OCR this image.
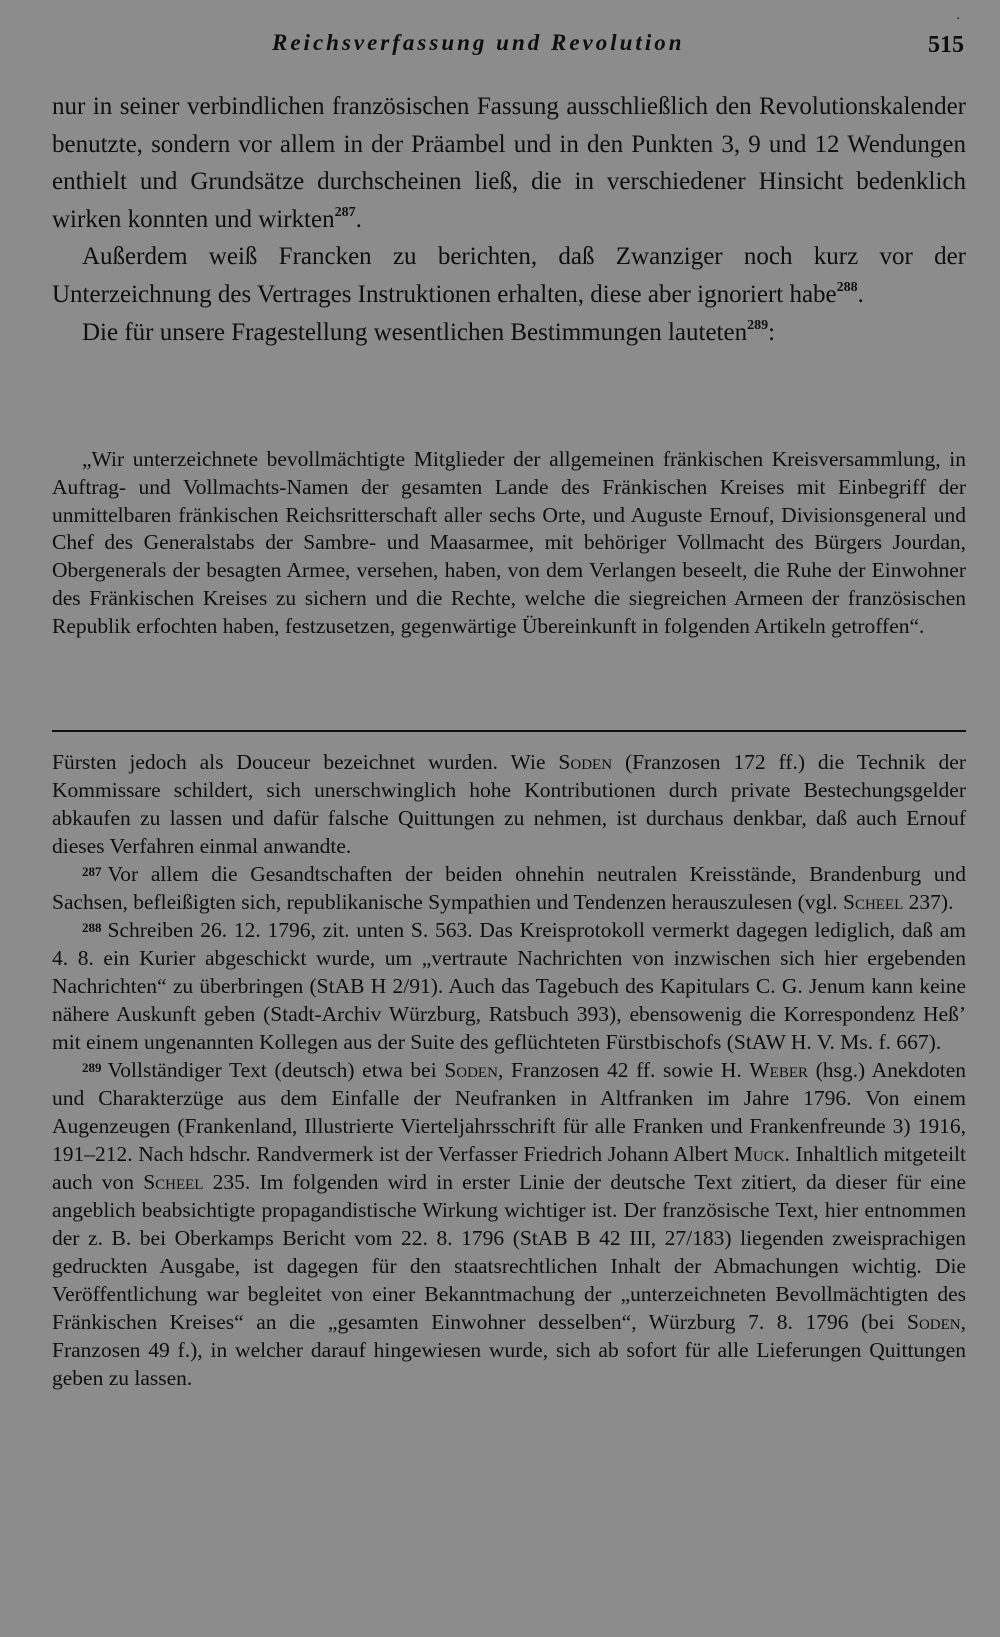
.
Reichsverfassung und Revolution	515

nur in seiner verbindlichen französischen Fassung ausschließlich den Revolutionskalender benutzte, sondern vor allem in der Präambel und in den Punkten 3, 9 und 12 Wendungen enthielt und Grundsätze durchscheinen ließ, die in verschiedener Hinsicht bedenklich wirken konnten und wirkten$^{287}$.

Außerdem weiß Francken zu berichten, daß Zwanziger noch kurz vor der Unterzeichnung des Vertrages Instruktionen erhalten, diese aber ignoriert habe$^{288}$.

Die für unsere Fragestellung wesentlichen Bestimmungen lauteten$^{289}$:

„Wir unterzeichnete bevollmächtigte Mitglieder der allgemeinen fränkischen Kreisversammlung, in Auftrag- und Vollmachts-Namen der gesamten Lande des Fränkischen Kreises mit Einbegriff der unmittelbaren fränkischen Reichsritterschaft aller sechs Orte, und Auguste Ernouf, Divisionsgeneral und Chef des Generalstabs der Sambre- und Maasarmee, mit behöriger Vollmacht des Bürgers Jourdan, Obergenerals der besagten Armee, versehen, haben, von dem Verlangen beseelt, die Ruhe der Einwohner des Fränkischen Kreises zu sichern und die Rechte, welche die siegreichen Armeen der französischen Republik erfochten haben, festzusetzen, gegenwärtige Übereinkunft in folgenden Artikeln getroffen“.

Fürsten jedoch als Douceur bezeichnet wurden. Wie Soden (Franzosen 172 ff.) die Technik der Kommissare schildert, sich unerschwinglich hohe Kontributionen durch private Bestechungsgelder abkaufen zu lassen und dafür falsche Quittungen zu nehmen, ist durchaus denkbar, daß auch Ernouf dieses Verfahren einmal anwandte.

$^{287}$ Vor allem die Gesandtschaften der beiden ohnehin neutralen Kreisstände, Brandenburg und Sachsen, befleißigten sich, republikanische Sympathien und Tendenzen herauszulesen (vgl. Scheel 237).

$^{288}$ Schreiben 26. 12. 1796, zit. unten S. 563. Das Kreisprotokoll vermerkt dagegen lediglich, daß am 4. 8. ein Kurier abgeschickt wurde, um „vertraute Nachrichten von inzwischen sich hier ergebenden Nachrichten“ zu überbringen (StAB H 2/91). Auch das Tagebuch des Kapitulars C. G. Jenum kann keine nähere Auskunft geben (Stadt-Archiv Würzburg, Ratsbuch 393), ebensowenig die Korrespondenz Heß’ mit einem ungenannten Kollegen aus der Suite des geflüchteten Fürstbischofs (StAW H. V. Ms. f. 667).

$^{289}$ Vollständiger Text (deutsch) etwa bei Soden, Franzosen 42 ff. sowie H. Weber (hsg.) Anekdoten und Charakterzüge aus dem Einfalle der Neufranken in Altfranken im Jahre 1796. Von einem Augenzeugen (Frankenland, Illustrierte Vierteljahrsschrift für alle Franken und Frankenfreunde 3) 1916, 191–212. Nach hdschr. Randvermerk ist der Verfasser Friedrich Johann Albert Muck. Inhaltlich mitgeteilt auch von Scheel 235. Im folgenden wird in erster Linie der deutsche Text zitiert, da dieser für eine angeblich beabsichtigte propagandistische Wirkung wichtiger ist. Der französische Text, hier entnommen der z. B. bei Oberkamps Bericht vom 22. 8. 1796 (StAB B 42 III, 27/183) liegenden zweisprachigen gedruckten Ausgabe, ist dagegen für den staatsrechtlichen Inhalt der Abmachungen wichtig. Die Veröffentlichung war begleitet von einer Bekanntmachung der „unterzeichneten Bevollmächtigten des Fränkischen Kreises“ an die „gesamten Einwohner desselben“, Würzburg 7. 8. 1796 (bei Soden, Franzosen 49 f.), in welcher darauf hingewiesen wurde, sich ab sofort für alle Lieferungen Quittungen geben zu lassen.
